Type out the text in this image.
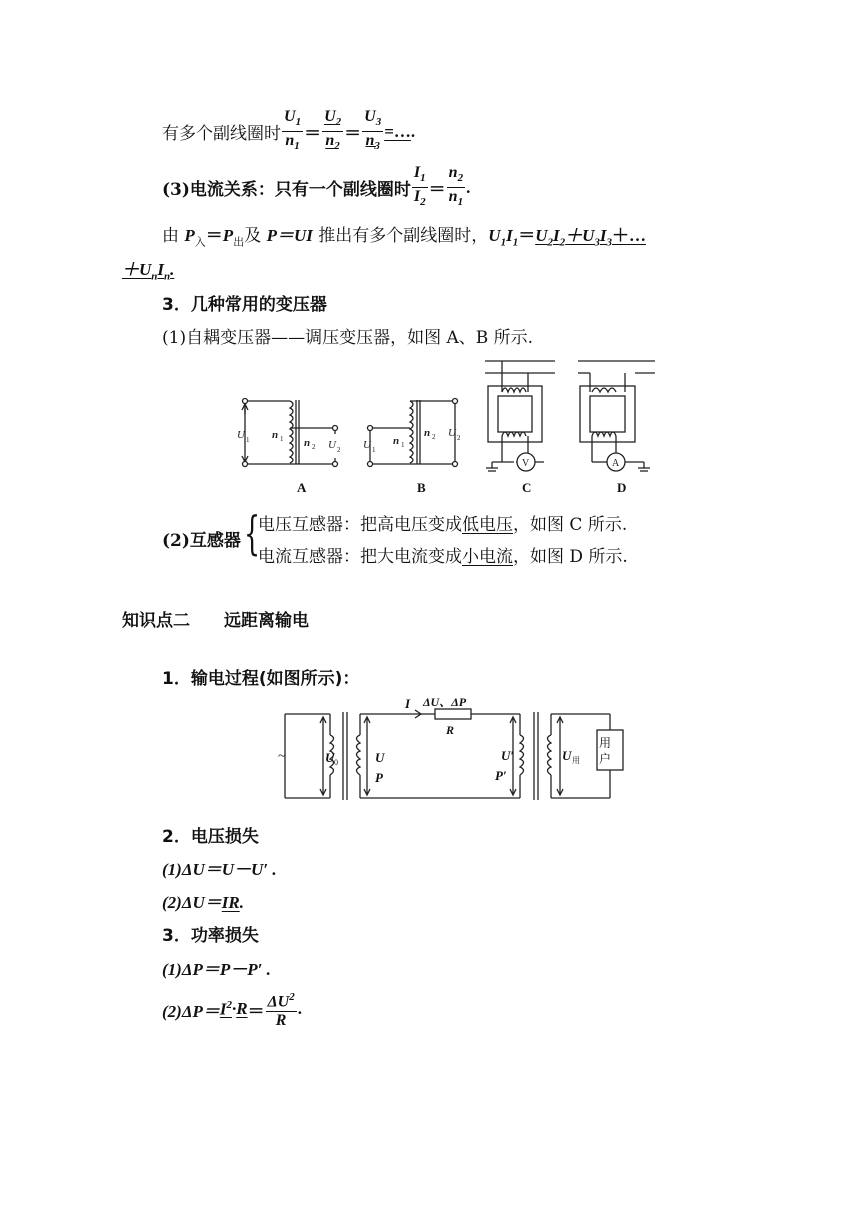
有多个副线圈时 $\frac{U_1}{n_1} = \frac{U_2}{n_2} = \frac{U_3}{n_3}$ =… .
(3)电流关系：只有一个副线圈时 $\frac{I_1}{I_2} = \frac{n_2}{n_1}$ .
由 $P_入=P_出$及 P＝UI 推出有多个副线圈时，$U_1I_1=U_2I_2+U_3I_3+\dots$
$+U_nI_n$.
3．几种常用的变压器
(1)自耦变压器——调压变压器，如图 A、B 所示.
U 1 n 1 n 2 U 2 U 1
n 1
n 2 U 2
V	A
A	B	C	D
(2)互感器 {
电压互感器：把高电压变成低电压，如图 C 所示.
电流互感器：把大电流变成小电流，如图 D 所示.
知识点二　　远距离输电
1．输电过程(如图所示)：
~	U 0	U
P
U′
P′
U 用
I ΔU、ΔP
R
用
户
2．电压损失
(1)ΔU＝U－U′ .
(2)ΔU＝IR.
3．功率损失
(1)ΔP＝P－P′ .
$(2)\Delta P= I^2 \cdot R = \frac{\Delta U^2}{R}$ .
